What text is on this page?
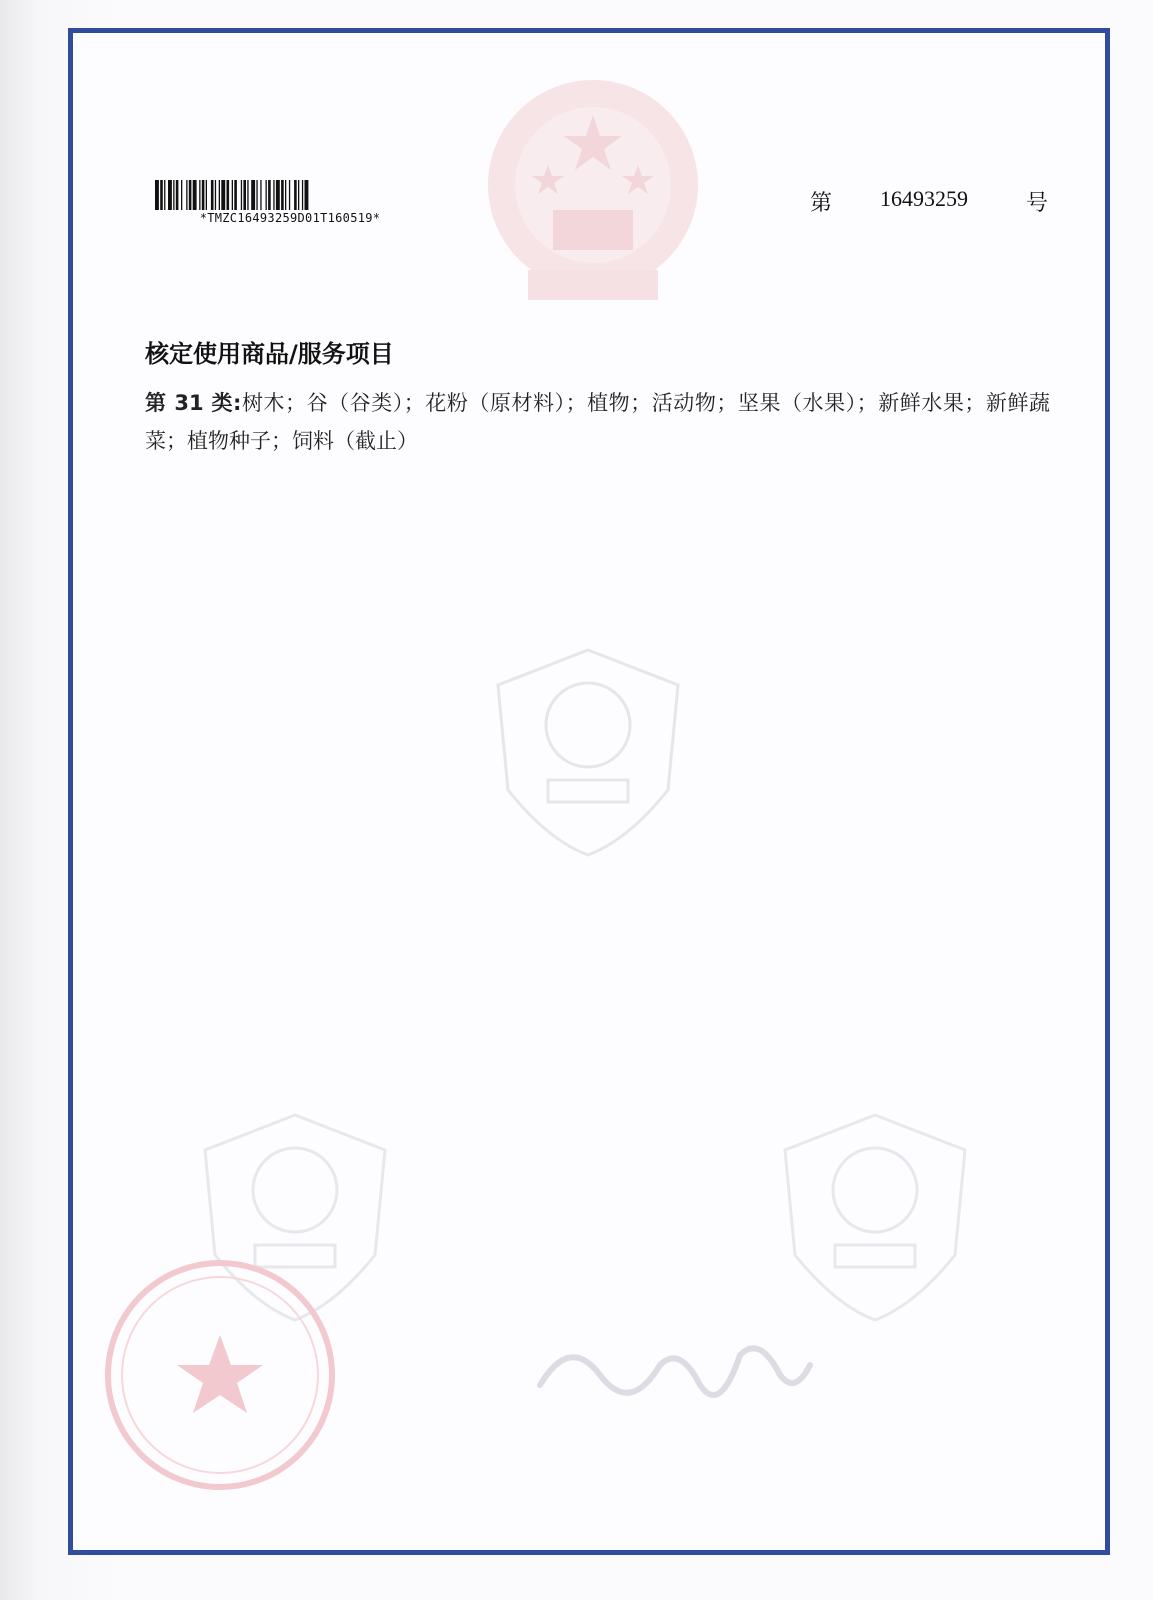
*TMZC16493259D01T160519*
第 16493259	号
核定使用商品/服务项目
第 31 类:树木；谷（谷类）；花粉（原材料）；植物；活动物；坚果（水果）；新鲜水果；新鲜蔬菜；植物种子；饲料（截止）
